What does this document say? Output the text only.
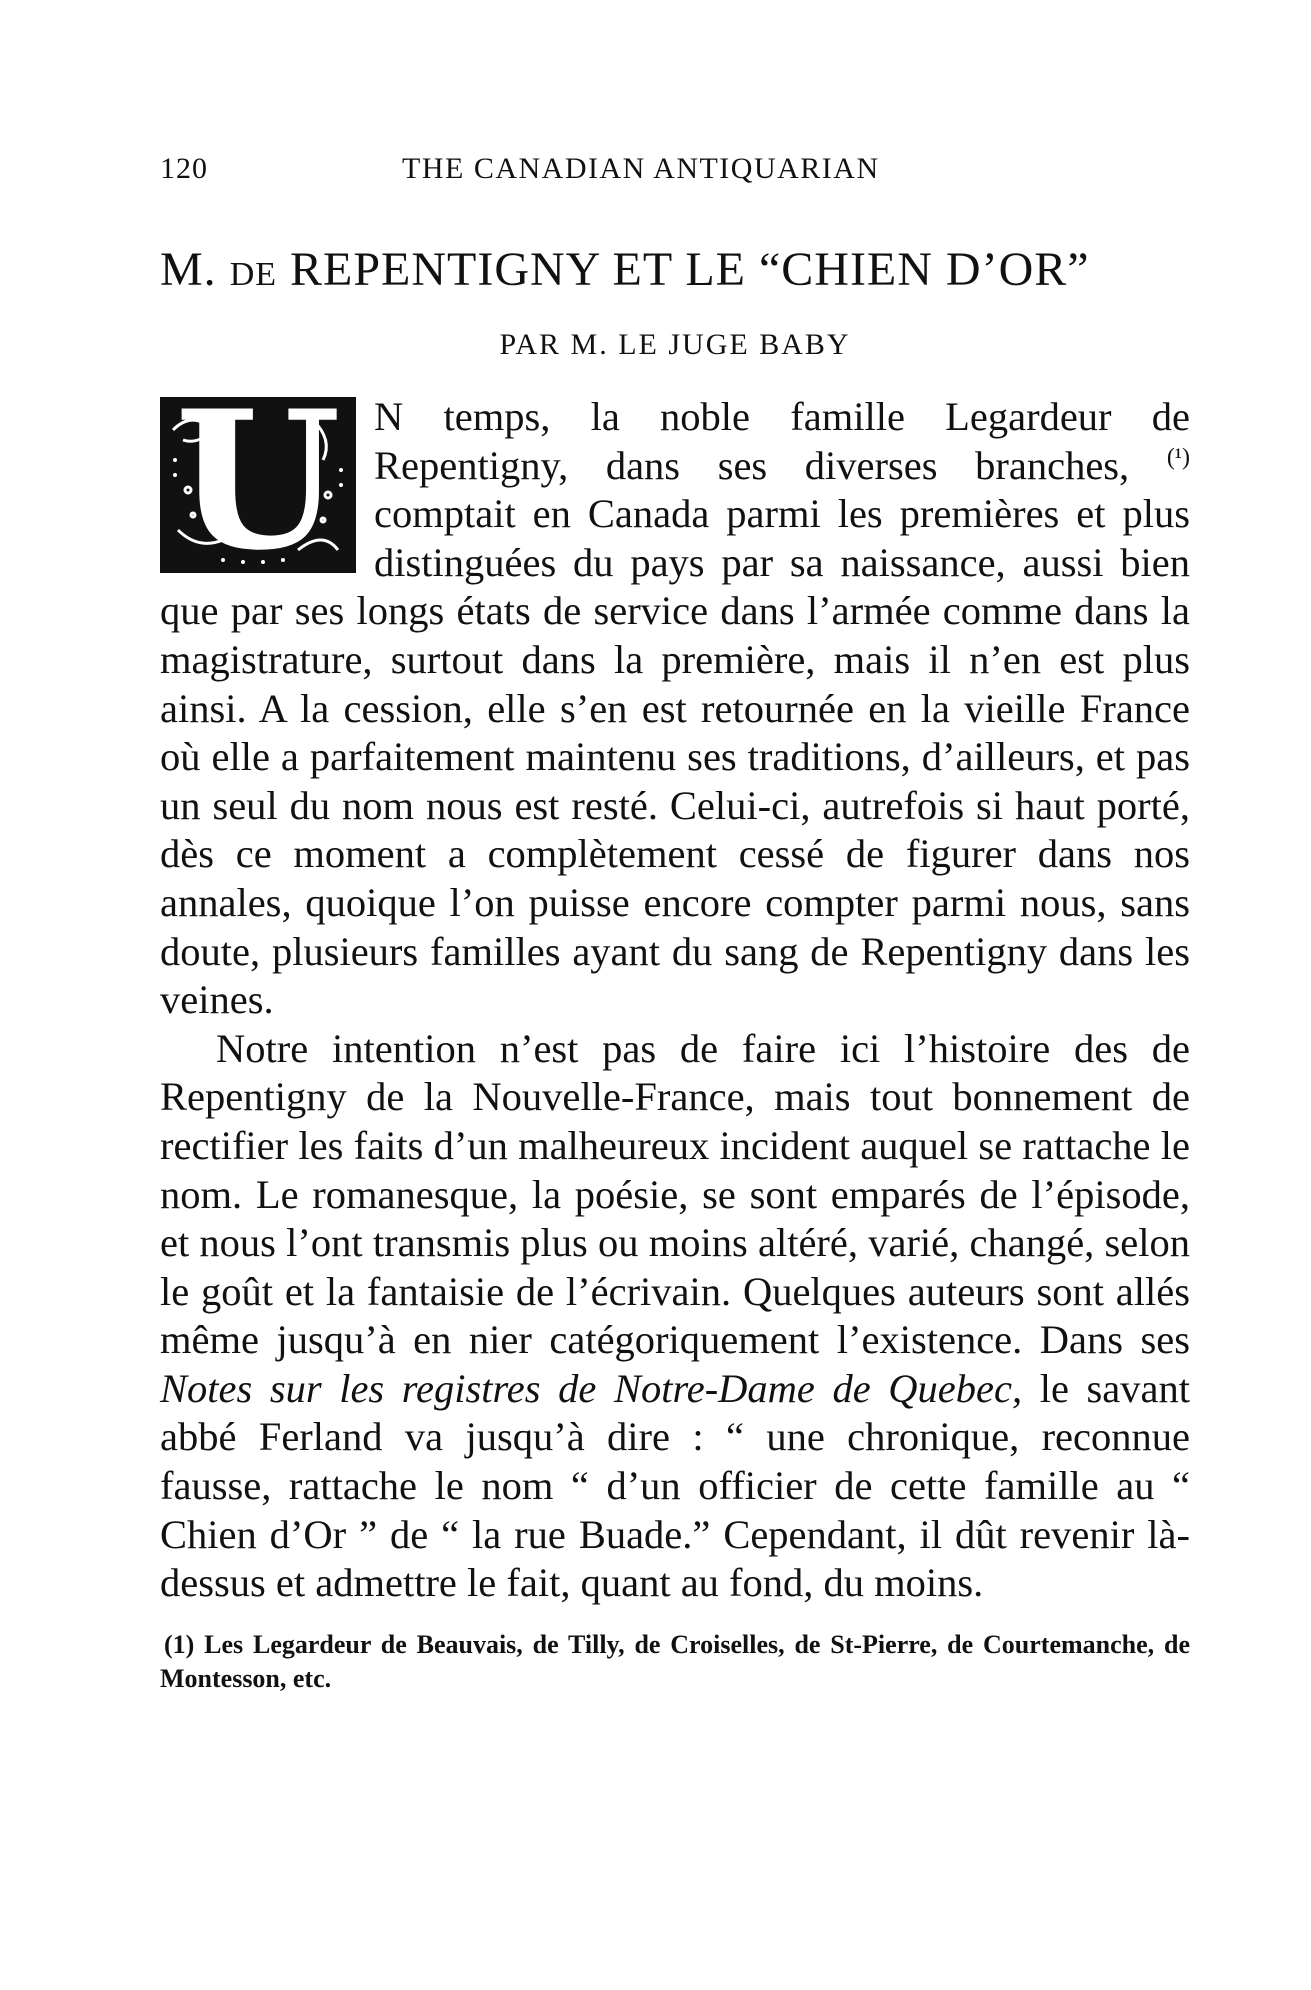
120	THE CANADIAN ANTIQUARIAN
M. DE REPENTIGNY ET LE “CHIEN D’OR”
PAR M. LE JUGE BABY

U N temps, la noble famille Legardeur de Repentigny, dans ses diverses branches, $^{(^1)}$ comptait en Canada parmi les premières et plus distinguées du pays par sa naissance, aussi bien que par ses longs états de service dans l’armée comme dans la magistrature, surtout dans la première, mais il n’en est plus ainsi. A la cession, elle s’en est retournée en la vieille France où elle a parfaitement maintenu ses traditions, d’ailleurs, et pas un seul du nom nous est resté. Celui-ci, autrefois si haut porté, dès ce moment a complètement cessé de figurer dans nos annales, quoique l’on puisse encore compter parmi nous, sans doute, plusieurs familles ayant du sang de Repentigny dans les veines.

Notre intention n’est pas de faire ici l’histoire des de Repentigny de la Nouvelle-France, mais tout bonnement de rectifier les faits d’un malheureux incident auquel se rattache le nom. Le romanesque, la poésie, se sont emparés de l’épisode, et nous l’ont transmis plus ou moins altéré, varié, changé, selon le goût et la fantaisie de l’écrivain. Quelques auteurs sont allés même jusqu’à en nier catégoriquement l’existence. Dans ses Notes sur les registres de Notre-Dame de Quebec, le savant abbé Ferland va jusqu’à dire : “ une chronique, reconnue fausse, rattache le nom “ d’un officier de cette famille au “ Chien d’Or ” de “ la rue Buade.” Cependant, il dût revenir là-dessus et admettre le fait, quant au fond, du moins.

(1) Les Legardeur de Beauvais, de Tilly, de Croiselles, de St-Pierre, de Courtemanche, de Montesson, etc.
